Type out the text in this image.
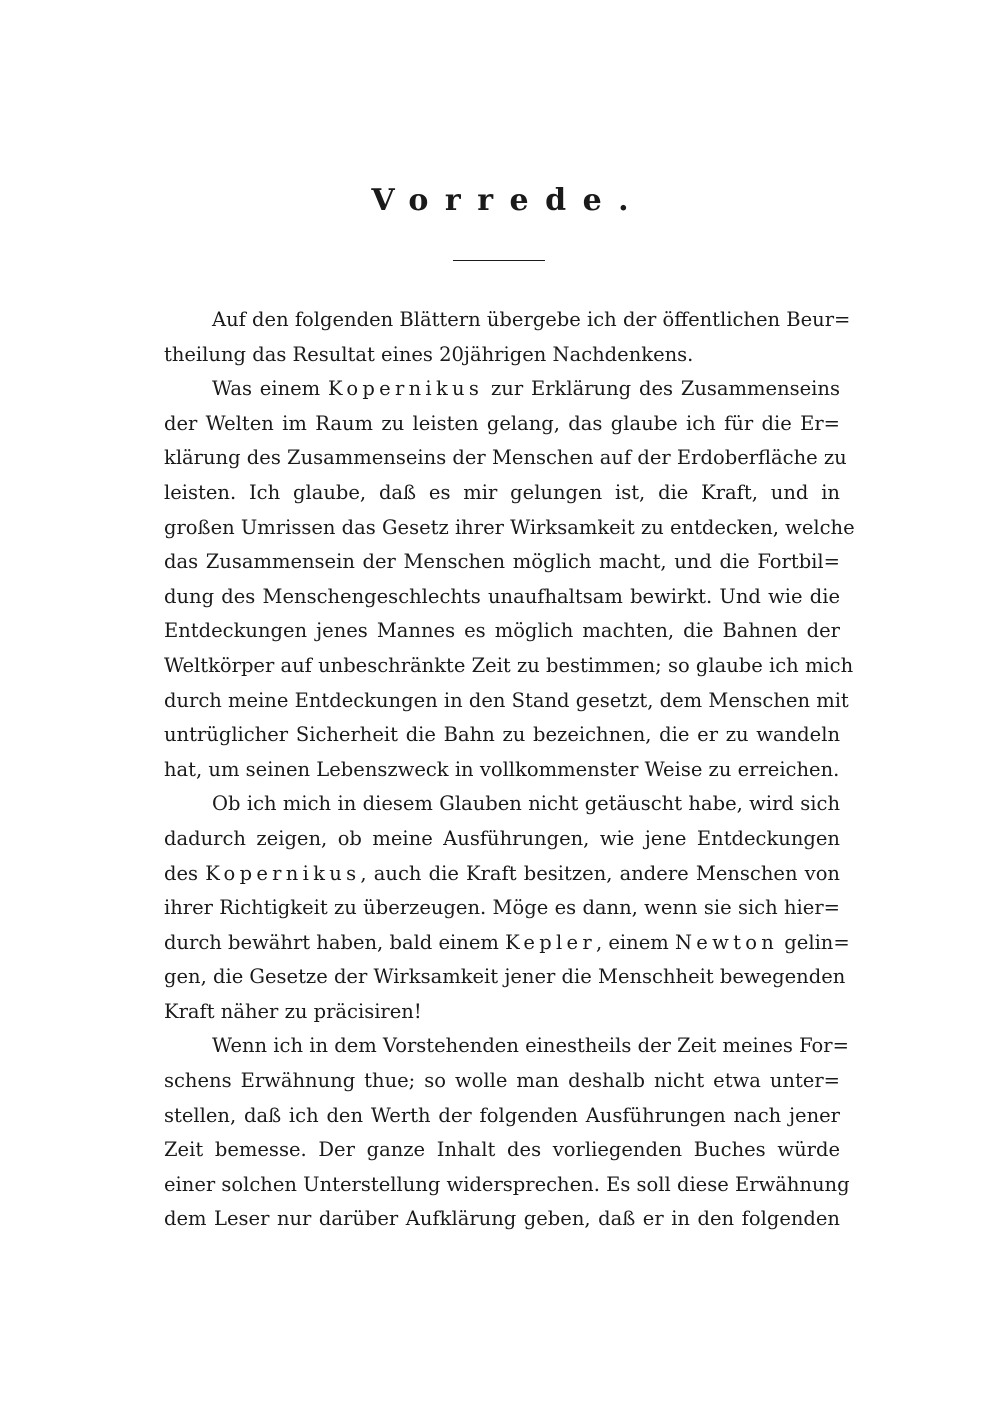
Vorrede.
Auf den folgenden Blättern übergebe ich der öffentlichen Beur=
theilung das Resultat eines 20jährigen Nachdenkens.
Was einem Kopernikus zur Erklärung des Zusammenseins
der Welten im Raum zu leisten gelang, das glaube ich für die Er=
klärung des Zusammenseins der Menschen auf der Erdoberfläche zu
leisten. Ich glaube, daß es mir gelungen ist, die Kraft, und in
großen Umrissen das Gesetz ihrer Wirksamkeit zu entdecken, welche
das Zusammensein der Menschen möglich macht, und die Fortbil=
dung des Menschengeschlechts unaufhaltsam bewirkt. Und wie die
Entdeckungen jenes Mannes es möglich machten, die Bahnen der
Weltkörper auf unbeschränkte Zeit zu bestimmen; so glaube ich mich
durch meine Entdeckungen in den Stand gesetzt, dem Menschen mit
untrüglicher Sicherheit die Bahn zu bezeichnen, die er zu wandeln
hat, um seinen Lebenszweck in vollkommenster Weise zu erreichen.
Ob ich mich in diesem Glauben nicht getäuscht habe, wird sich
dadurch zeigen, ob meine Ausführungen, wie jene Entdeckungen
des Kopernikus, auch die Kraft besitzen, andere Menschen von
ihrer Richtigkeit zu überzeugen. Möge es dann, wenn sie sich hier=
durch bewährt haben, bald einem Kepler, einem Newton gelin=
gen, die Gesetze der Wirksamkeit jener die Menschheit bewegenden
Kraft näher zu präcisiren!
Wenn ich in dem Vorstehenden einestheils der Zeit meines For=
schens Erwähnung thue; so wolle man deshalb nicht etwa unter=
stellen, daß ich den Werth der folgenden Ausführungen nach jener
Zeit bemesse. Der ganze Inhalt des vorliegenden Buches würde
einer solchen Unterstellung widersprechen. Es soll diese Erwähnung
dem Leser nur darüber Aufklärung geben, daß er in den folgenden
